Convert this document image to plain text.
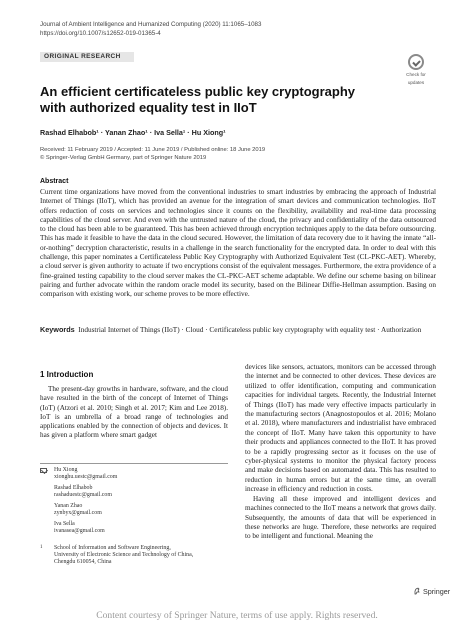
Journal of Ambient Intelligence and Humanized Computing (2020) 11:1065–1083
https://doi.org/10.1007/s12652-019-01365-4
ORIGINAL RESEARCH
Check for
updates
An efficient certificateless public key cryptography with authorized equality test in IIoT
Rashad Elhabob¹ · Yanan Zhao¹ · Iva Sella¹ · Hu Xiong¹
Received: 11 February 2019 / Accepted: 11 June 2019 / Published online: 18 June 2019
© Springer-Verlag GmbH Germany, part of Springer Nature 2019
Abstract
Current time organizations have moved from the conventional industries to smart industries by embracing the approach of Industrial Internet of Things (IIoT), which has provided an avenue for the integration of smart devices and communication technologies. IIoT offers reduction of costs on services and technologies since it counts on the flexibility, availability and real-time data processing capabilities of the cloud server. And even with the untrusted nature of the cloud, the privacy and confidentiality of the data outsourced to the cloud has been able to be guaranteed. This has been achieved through encryption techniques apply to the data before outsourcing. This has made it feasible to have the data in the cloud secured. However, the limitation of data recovery due to it having the innate “all-or-nothing” decryption characteristic, results in a challenge in the search functionality for the encrypted data. In order to deal with this challenge, this paper nominates a Certificateless Public Key Cryptography with Authorized Equivalent Test (CL-PKC-AET). Whereby, a cloud server is given authority to actuate if two encryptions consist of the equivalent messages. Furthermore, the extra providence of a fine-grained testing capability to the cloud server makes the CL-PKC-AET scheme adaptable. We define our scheme basing on bilinear pairing and further advocate within the random oracle model its security, based on the Bilinear Diffie-Hellman assumption. Basing on comparison with existing work, our scheme proves to be more effective.
Keywords Industrial Internet of Things (IIoT) · Cloud · Certificateless public key cryptography with equality test · Authorization
1 Introduction
The present-day growths in hardware, software, and the cloud have resulted in the birth of the concept of Internet of Things (IoT) (Atzori et al. 2010; Singh et al. 2017; Kim and Lee 2018). IoT is an umbrella of a broad range of technologies and applications enabled by the connection of objects and devices. It has given a platform where smart gadget

devices like sensors, actuators, monitors can be accessed through the internet and be connected to other devices. These devices are utilized to offer identification, computing and communication capacities for individual targets. Recently, the Industrial Internet of Things (IIoT) has made very effective impacts particularly in the manufacturing sectors (Anagnostopoulos et al. 2016; Molano et al. 2018), where manufacturers and industrialist have embraced the concept of IIoT. Many have taken this opportunity to have their products and appliances connected to the IIoT. It has proved to be a rapidly progressing sector as it focuses on the use of cyber-physical systems to monitor the physical factory process and make decisions based on automated data. This has resulted to reduction in human errors but at the same time, an overall increase in efficiency and reduction in costs.

Having all these improved and intelligent devices and machines connected to the IIoT means a network that grows daily. Subsequently, the amounts of data that will be experienced in these networks are huge. Therefore, these networks are required to be intelligent and functional. Meaning the

Hu Xiong
xionghu.uestc@gmail.com
Rashad Elhabob
rashaduestc@gmail.com
Yanan Zhao
zynbyx@gmail.com
Iva Sella
ivanasea@gmail.com
1 School of Information and Software Engineering,
University of Electronic Science and Technology of China,
Chengdu 610054, China
Springer
Content courtesy of Springer Nature, terms of use apply. Rights reserved.
